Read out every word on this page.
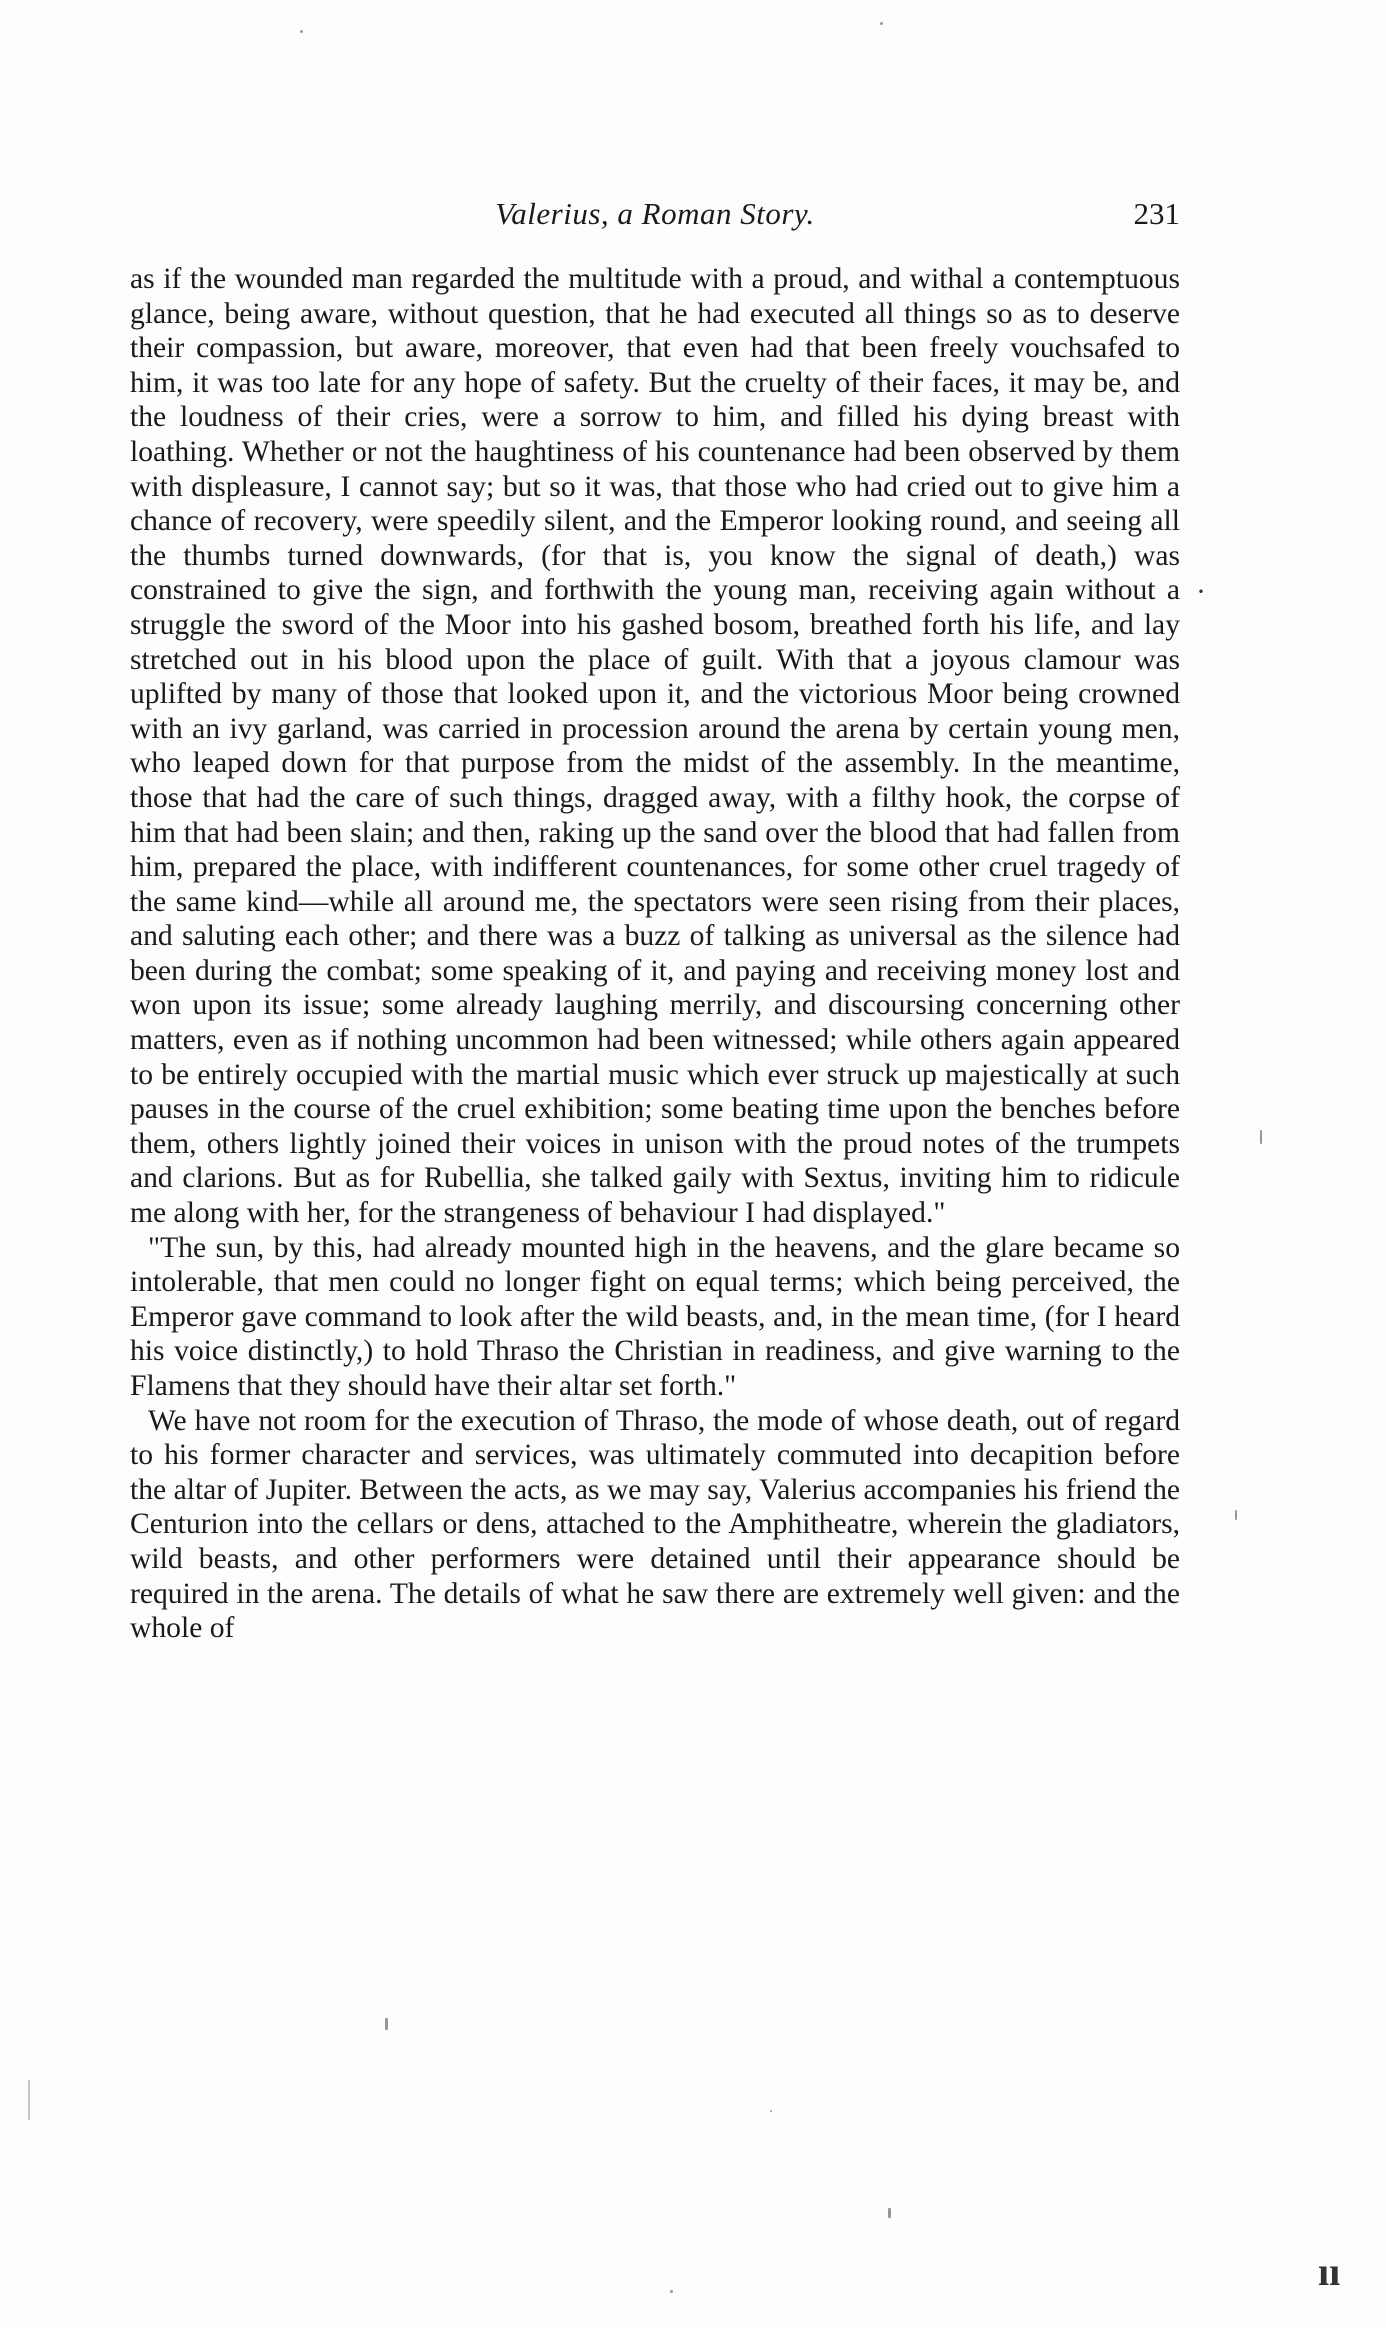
Valerius, a Roman Story.	231

as if the wounded man regarded the multitude with a proud, and withal a contemptuous glance, being aware, without question, that he had executed all things so as to deserve their compassion, but aware, moreover, that even had that been freely vouchsafed to him, it was too late for any hope of safety. But the cruelty of their faces, it may be, and the loudness of their cries, were a sorrow to him, and filled his dying breast with loathing. Whether or not the haughtiness of his countenance had been observed by them with displeasure, I cannot say; but so it was, that those who had cried out to give him a chance of recovery, were speedily silent, and the Emperor looking round, and seeing all the thumbs turned downwards, (for that is, you know the signal of death,) was constrained to give the sign, and forthwith the young man, receiving again without a struggle the sword of the Moor into his gashed bosom, breathed forth his life, and lay stretched out in his blood upon the place of guilt. With that a joyous clamour was uplifted by many of those that looked upon it, and the victorious Moor being crowned with an ivy garland, was carried in procession around the arena by certain young men, who leaped down for that purpose from the midst of the assembly. In the meantime, those that had the care of such things, dragged away, with a filthy hook, the corpse of him that had been slain; and then, raking up the sand over the blood that had fallen from him, prepared the place, with indifferent countenances, for some other cruel tragedy of the same kind—while all around me, the spectators were seen rising from their places, and saluting each other; and there was a buzz of talking as universal as the silence had been during the combat; some speaking of it, and paying and receiving money lost and won upon its issue; some already laughing merrily, and discoursing concerning other matters, even as if nothing uncommon had been witnessed; while others again appeared to be entirely occupied with the martial music which ever struck up majestically at such pauses in the course of the cruel exhibition; some beating time upon the benches before them, others lightly joined their voices in unison with the proud notes of the trumpets and clarions. But as for Rubellia, she talked gaily with Sextus, inviting him to ridicule me along with her, for the strangeness of behaviour I had displayed."

"The sun, by this, had already mounted high in the heavens, and the glare became so intolerable, that men could no longer fight on equal terms; which being perceived, the Emperor gave command to look after the wild beasts, and, in the mean time, (for I heard his voice distinctly,) to hold Thraso the Christian in readiness, and give warning to the Flamens that they should have their altar set forth."

We have not room for the execution of Thraso, the mode of whose death, out of regard to his former character and services, was ultimately commuted into decapition before the altar of Jupiter. Between the acts, as we may say, Valerius accompanies his friend the Centurion into the cellars or dens, attached to the Amphitheatre, wherein the gladiators, wild beasts, and other performers were detained until their appearance should be required in the arena. The details of what he saw there are extremely well given: and the whole of

·
ıı
